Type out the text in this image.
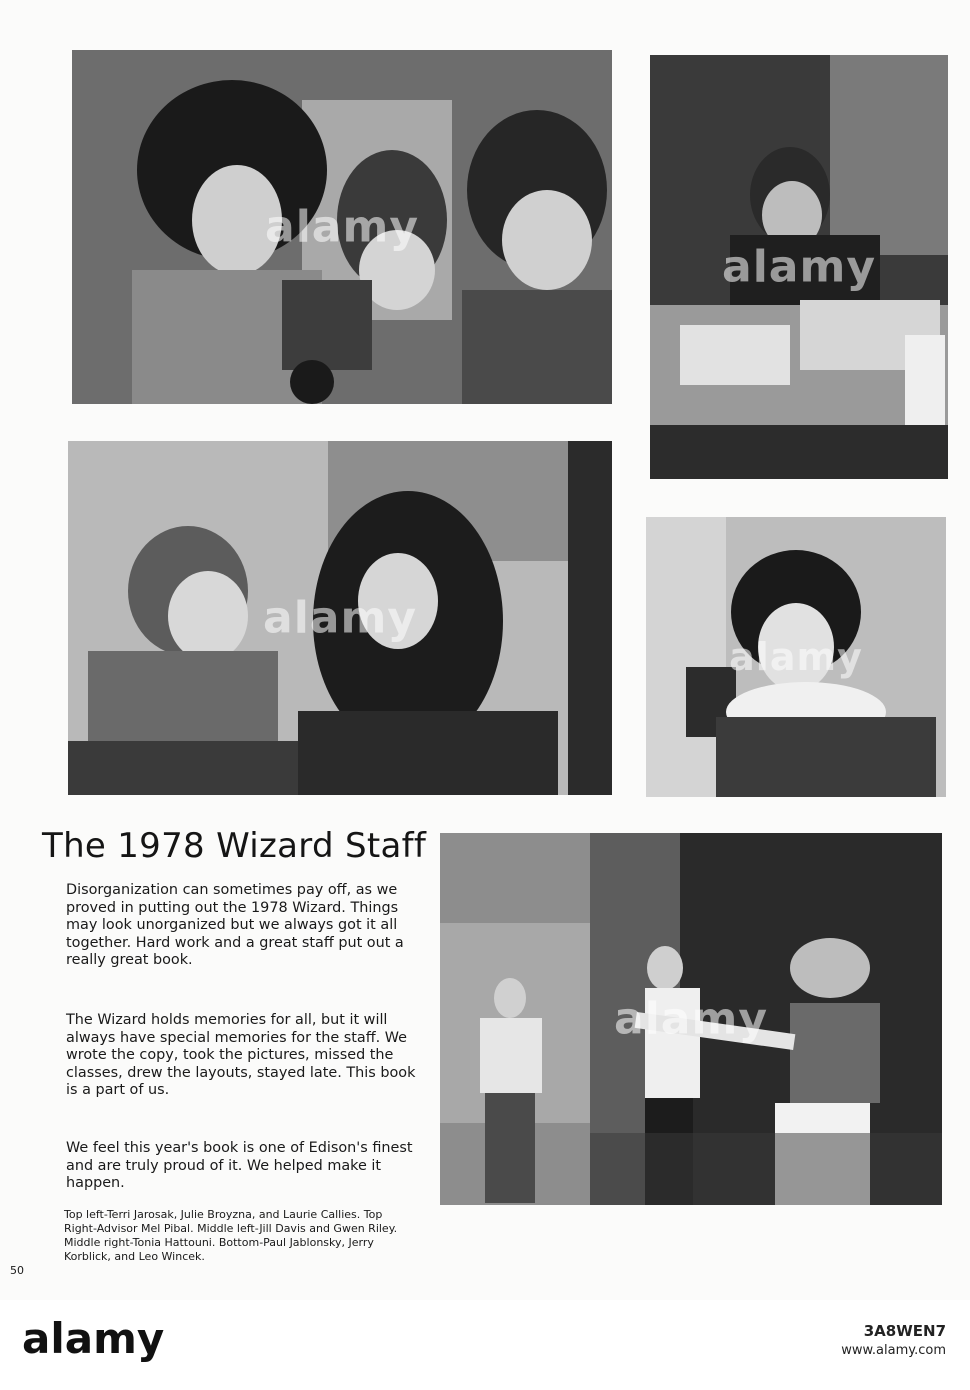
alamy
alamy
alamy
alamy
alamy
The 1978 Wizard Staff

Disorganization can sometimes pay off, as we proved in putting out the 1978 Wizard. Things may look unorganized but we always got it all together. Hard work and a great staff put out a really great book.

The Wizard holds memories for all, but it will always have special memories for the staff. We wrote the copy, took the pictures, missed the classes, drew the layouts, stayed late. This book is a part of us.

We feel this year's book is one of Edison's finest and are truly proud of it. We helped make it happen.

Top left-Terri Jarosak, Julie Broyzna, and Laurie Callies. Top Right-Advisor Mel Pibal. Middle left-Jill Davis and Gwen Riley. Middle right-Tonia Hattouni. Bottom-Paul Jablonsky, Jerry Korblick, and Leo Wincek.
50
alamy	3A8WEN7
www.alamy.com
